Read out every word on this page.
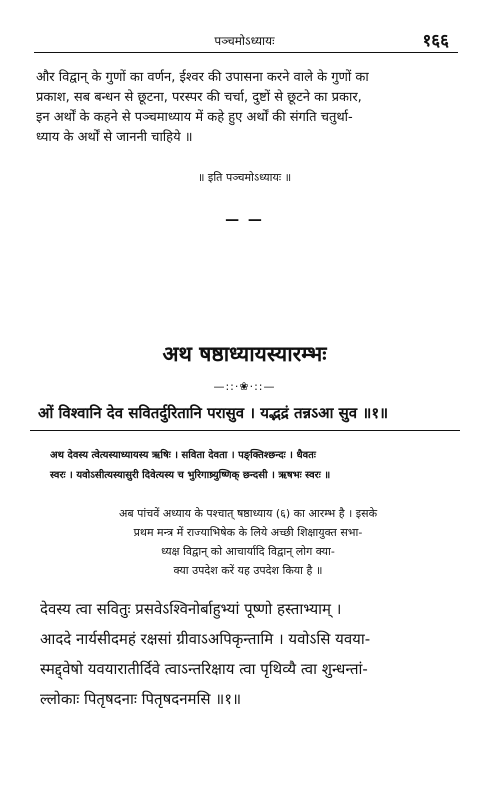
पञ्चमोऽध्यायः	१६६
और विद्वान् के गुणों का वर्णन, ईश्वर की उपासना करने वाले के गुणों का
प्रकाश, सब बन्धन से छूटना, परस्पर की चर्चा, दुष्टों से छूटने का प्रकार,
इन अर्थों के कहने से पञ्चमाध्याय में कहे हुए अर्थों की संगति चतुर्था-
ध्याय के अर्थों से जाननी चाहिये ॥
॥ इति पञ्चमोऽध्यायः ॥
— —
अथ षष्ठाध्यायस्यारम्भः
—::·❀·::—
ओं विश्वानि देव सवितर्दुरितानि परासुव । यद्भद्रं तन्नऽआ सुव ॥१॥
अथ देवस्य त्वेत्यस्याध्यायस्य ऋषिः । सविता देवता । पङ्क्तिश्छन्दः । धैवतः
स्वरः । यवोऽसीत्यस्यासुरी दिवेत्यस्य च भुरिगाष्र्युष्णिक् छन्दसी । ऋषभः स्वरः ॥
अब पांचवें अध्याय के पश्चात् षष्ठाध्याय (६) का आरम्भ है । इसके
प्रथम मन्त्र में राज्याभिषेक के लिये अच्छी शिक्षायुक्त सभा-
ध्यक्ष विद्वान् को आचार्यादि विद्वान् लोग क्या-
क्या उपदेश करें यह उपदेश किया है ॥
देवस्य त्वा सवितुः प्रसवेऽश्विनोर्बाहुभ्यां पूष्णो हस्ताभ्याम् ।
आददे नार्यसीदमहं रक्षसां ग्रीवाऽअपिकृन्तामि । यवोऽसि यवया-
स्मद्द्वेषो यवयारातीर्दिवे त्वाऽन्तरिक्षाय त्वा पृथिव्यै त्वा शुन्धन्तां-
ल्लोकाः पितृषदनाः पितृषदनमसि ॥१॥
